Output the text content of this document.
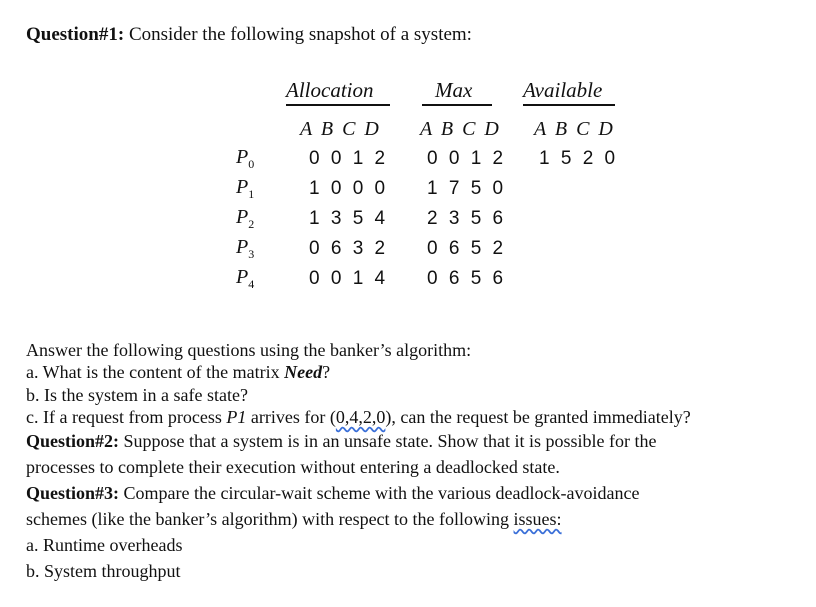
Question#1: Consider the following snapshot of a system:
Allocation	Max Available
A B C D A B C D A B C D
$P_0$	0 0 1 2 0 0 1 2 1 5 2 0
$P_1$	1 0 0 0 1 7 5 0
$P_2$	1 3 5 4 2 3 5 6
$P_3$	0 6 3 2 0 6 5 2
$P_4$	0 0 1 4 0 6 5 6
Answer the following questions using the banker’s algorithm:
a. What is the content of the matrix Need?
b. Is the system in a safe state?
c. If a request from process P1 arrives for (0,4,2,0), can the request be granted immediately?
Question#2: Suppose that a system is in an unsafe state. Show that it is possible for the
processes to complete their execution without entering a deadlocked state.
Question#3: Compare the circular-wait scheme with the various deadlock-avoidance
schemes (like the banker’s algorithm) with respect to the following issues:
a. Runtime overheads
b. System throughput
